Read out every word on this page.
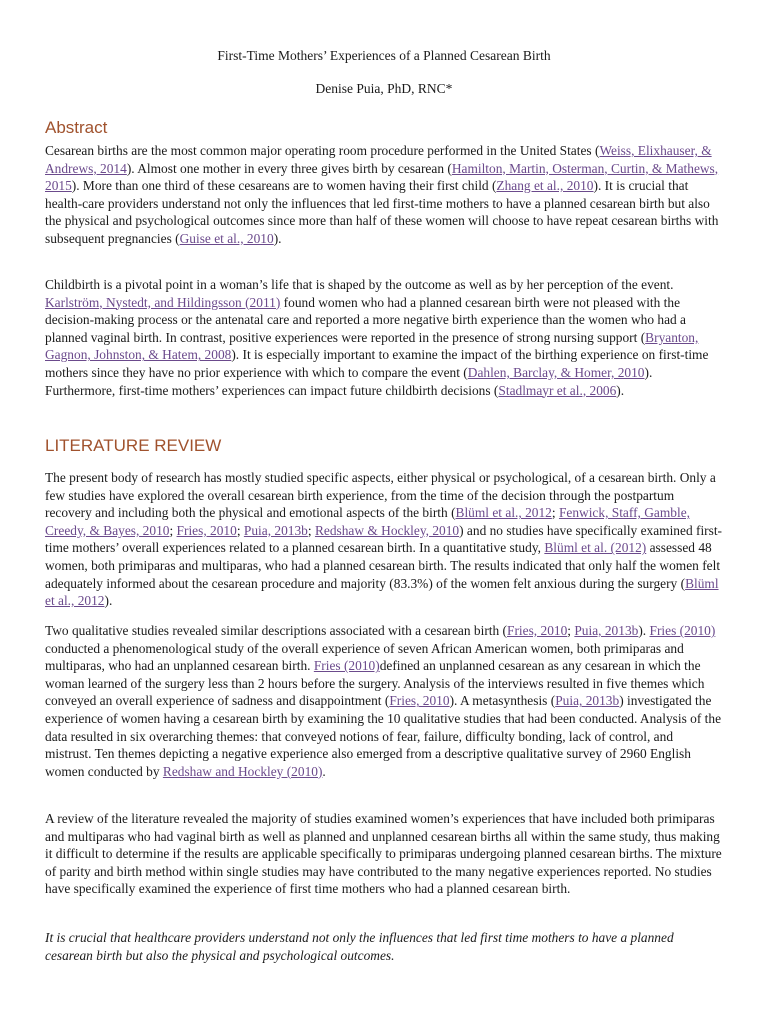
First-Time Mothers’ Experiences of a Planned Cesarean Birth
Denise Puia, PhD, RNC*
Abstract

Cesarean births are the most common major operating room procedure performed in the United States (Weiss, Elixhauser, & Andrews, 2014). Almost one mother in every three gives birth by cesarean (Hamilton, Martin, Osterman, Curtin, & Mathews, 2015). More than one third of these cesareans are to women having their first child (Zhang et al., 2010). It is crucial that health-care providers understand not only the influences that led first-time mothers to have a planned cesarean birth but also the physical and psychological outcomes since more than half of these women will choose to have repeat cesarean births with subsequent pregnancies (Guise et al., 2010).

Childbirth is a pivotal point in a woman’s life that is shaped by the outcome as well as by her perception of the event. Karlström, Nystedt, and Hildingsson (2011) found women who had a planned cesarean birth were not pleased with the decision-making process or the antenatal care and reported a more negative birth experience than the women who had a planned vaginal birth. In contrast, positive experiences were reported in the presence of strong nursing support (Bryanton, Gagnon, Johnston, & Hatem, 2008). It is especially important to examine the impact of the birthing experience on first-time mothers since they have no prior experience with which to compare the event (Dahlen, Barclay, & Homer, 2010). Furthermore, first-time mothers’ experiences can impact future childbirth decisions (Stadlmayr et al., 2006).

LITERATURE REVIEW

The present body of research has mostly studied specific aspects, either physical or psychological, of a cesarean birth. Only a few studies have explored the overall cesarean birth experience, from the time of the decision through the postpartum recovery and including both the physical and emotional aspects of the birth (Blüml et al., 2012; Fenwick, Staff, Gamble, Creedy, & Bayes, 2010; Fries, 2010; Puia, 2013b; Redshaw & Hockley, 2010) and no studies have specifically examined first-time mothers’ overall experiences related to a planned cesarean birth. In a quantitative study, Blüml et al. (2012) assessed 48 women, both primiparas and multiparas, who had a planned cesarean birth. The results indicated that only half the women felt adequately informed about the cesarean procedure and majority (83.3%) of the women felt anxious during the surgery (Blüml et al., 2012).

Two qualitative studies revealed similar descriptions associated with a cesarean birth (Fries, 2010; Puia, 2013b). Fries (2010) conducted a phenomenological study of the overall experience of seven African American women, both primiparas and multiparas, who had an unplanned cesarean birth. Fries (2010)defined an unplanned cesarean as any cesarean in which the woman learned of the surgery less than 2 hours before the surgery. Analysis of the interviews resulted in five themes which conveyed an overall experience of sadness and disappointment (Fries, 2010). A metasynthesis (Puia, 2013b) investigated the experience of women having a cesarean birth by examining the 10 qualitative studies that had been conducted. Analysis of the data resulted in six overarching themes: that conveyed notions of fear, failure, difficulty bonding, lack of control, and mistrust. Ten themes depicting a negative experience also emerged from a descriptive qualitative survey of 2960 English women conducted by Redshaw and Hockley (2010).

A review of the literature revealed the majority of studies examined women’s experiences that have included both primiparas and multiparas who had vaginal birth as well as planned and unplanned cesarean births all within the same study, thus making it difficult to determine if the results are applicable specifically to primiparas undergoing planned cesarean births. The mixture of parity and birth method within single studies may have contributed to the many negative experiences reported. No studies have specifically examined the experience of first time mothers who had a planned cesarean birth.

It is crucial that healthcare providers understand not only the influences that led first time mothers to have a planned cesarean birth but also the physical and psychological outcomes.
